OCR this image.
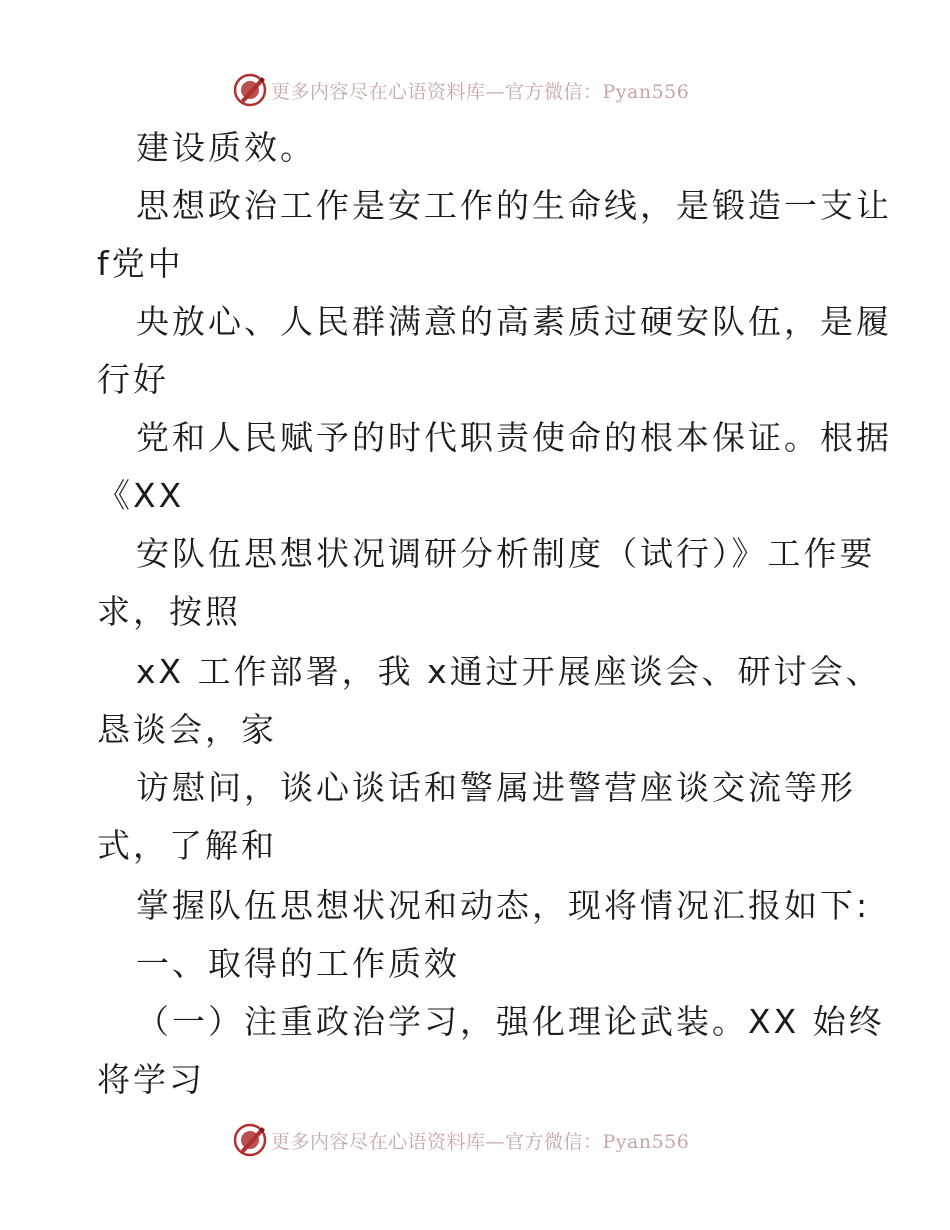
更多内容尽在心语资料库—官方微信：Pyan556
建设质效。
思想政治工作是安工作的生命线，是锻造一支让
f党中
央放心、人民群满意的高素质过硬安队伍，是履
行好
党和人民赋予的时代职责使命的根本保证。根据
《XX
安队伍思想状况调研分析制度（试行）》工作要
求，按照
xX 工作部署，我 x通过开展座谈会、研讨会、
恳谈会，家
访慰问，谈心谈话和警属进警营座谈交流等形
式，了解和
掌握队伍思想状况和动态，现将情况汇报如下:
一、取得的工作质效
（一）注重政治学习，强化理论武装。XX 始终
将学习
更多内容尽在心语资料库—官方微信：Pyan556
